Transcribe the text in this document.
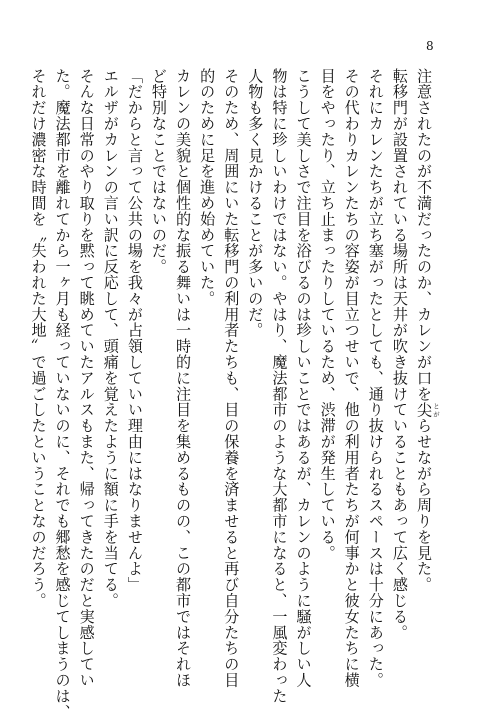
8
注意されたのが不満だったのか、カレンが口を尖 とがらせながら周りを見た。
転移門が設置されている場所は天井が吹き抜けていることもあって広く感じる。
それにカレンたちが立ち塞がったとしても、通り抜けられるスペースは十分にあった。
その代わりカレンたちの容姿が目立つせいで、他の利用者たちが何事かと彼女たちに横
目をやったり、立ち止まったりしているため、渋滞が発生している。
こうして美しさで注目を浴びるのは珍しいことではあるが、カレンのように騒がしい人
物は特に珍しいわけではない。やはり、魔法都市のような大都市になると、一風変わった
人物も多く見かけることが多いのだ。
そのため、周囲にいた転移門の利用者たちも、目の保養を済ませると再び自分たちの目
的のために足を進め始めていた。
カレンの美貌と個性的な振る舞いは一時的に注目を集めるものの、この都市ではそれほ
ど特別なことではないのだ。
「だからと言って公共の場を我々が占領していい理由にはなりませんよ」
エルザがカレンの言い訳に反応して、頭痛を覚えたように額に手を当てる。
そんな日常のやり取りを黙って眺めていたアルスもまた、帰ってきたのだと実感してい
た。魔法都市を離れてから一ヶ月も経っていないのに、それでも郷愁を感じてしまうのは、
それだけ濃密な時間を〝失われた大地〟で過ごしたということなのだろう。
